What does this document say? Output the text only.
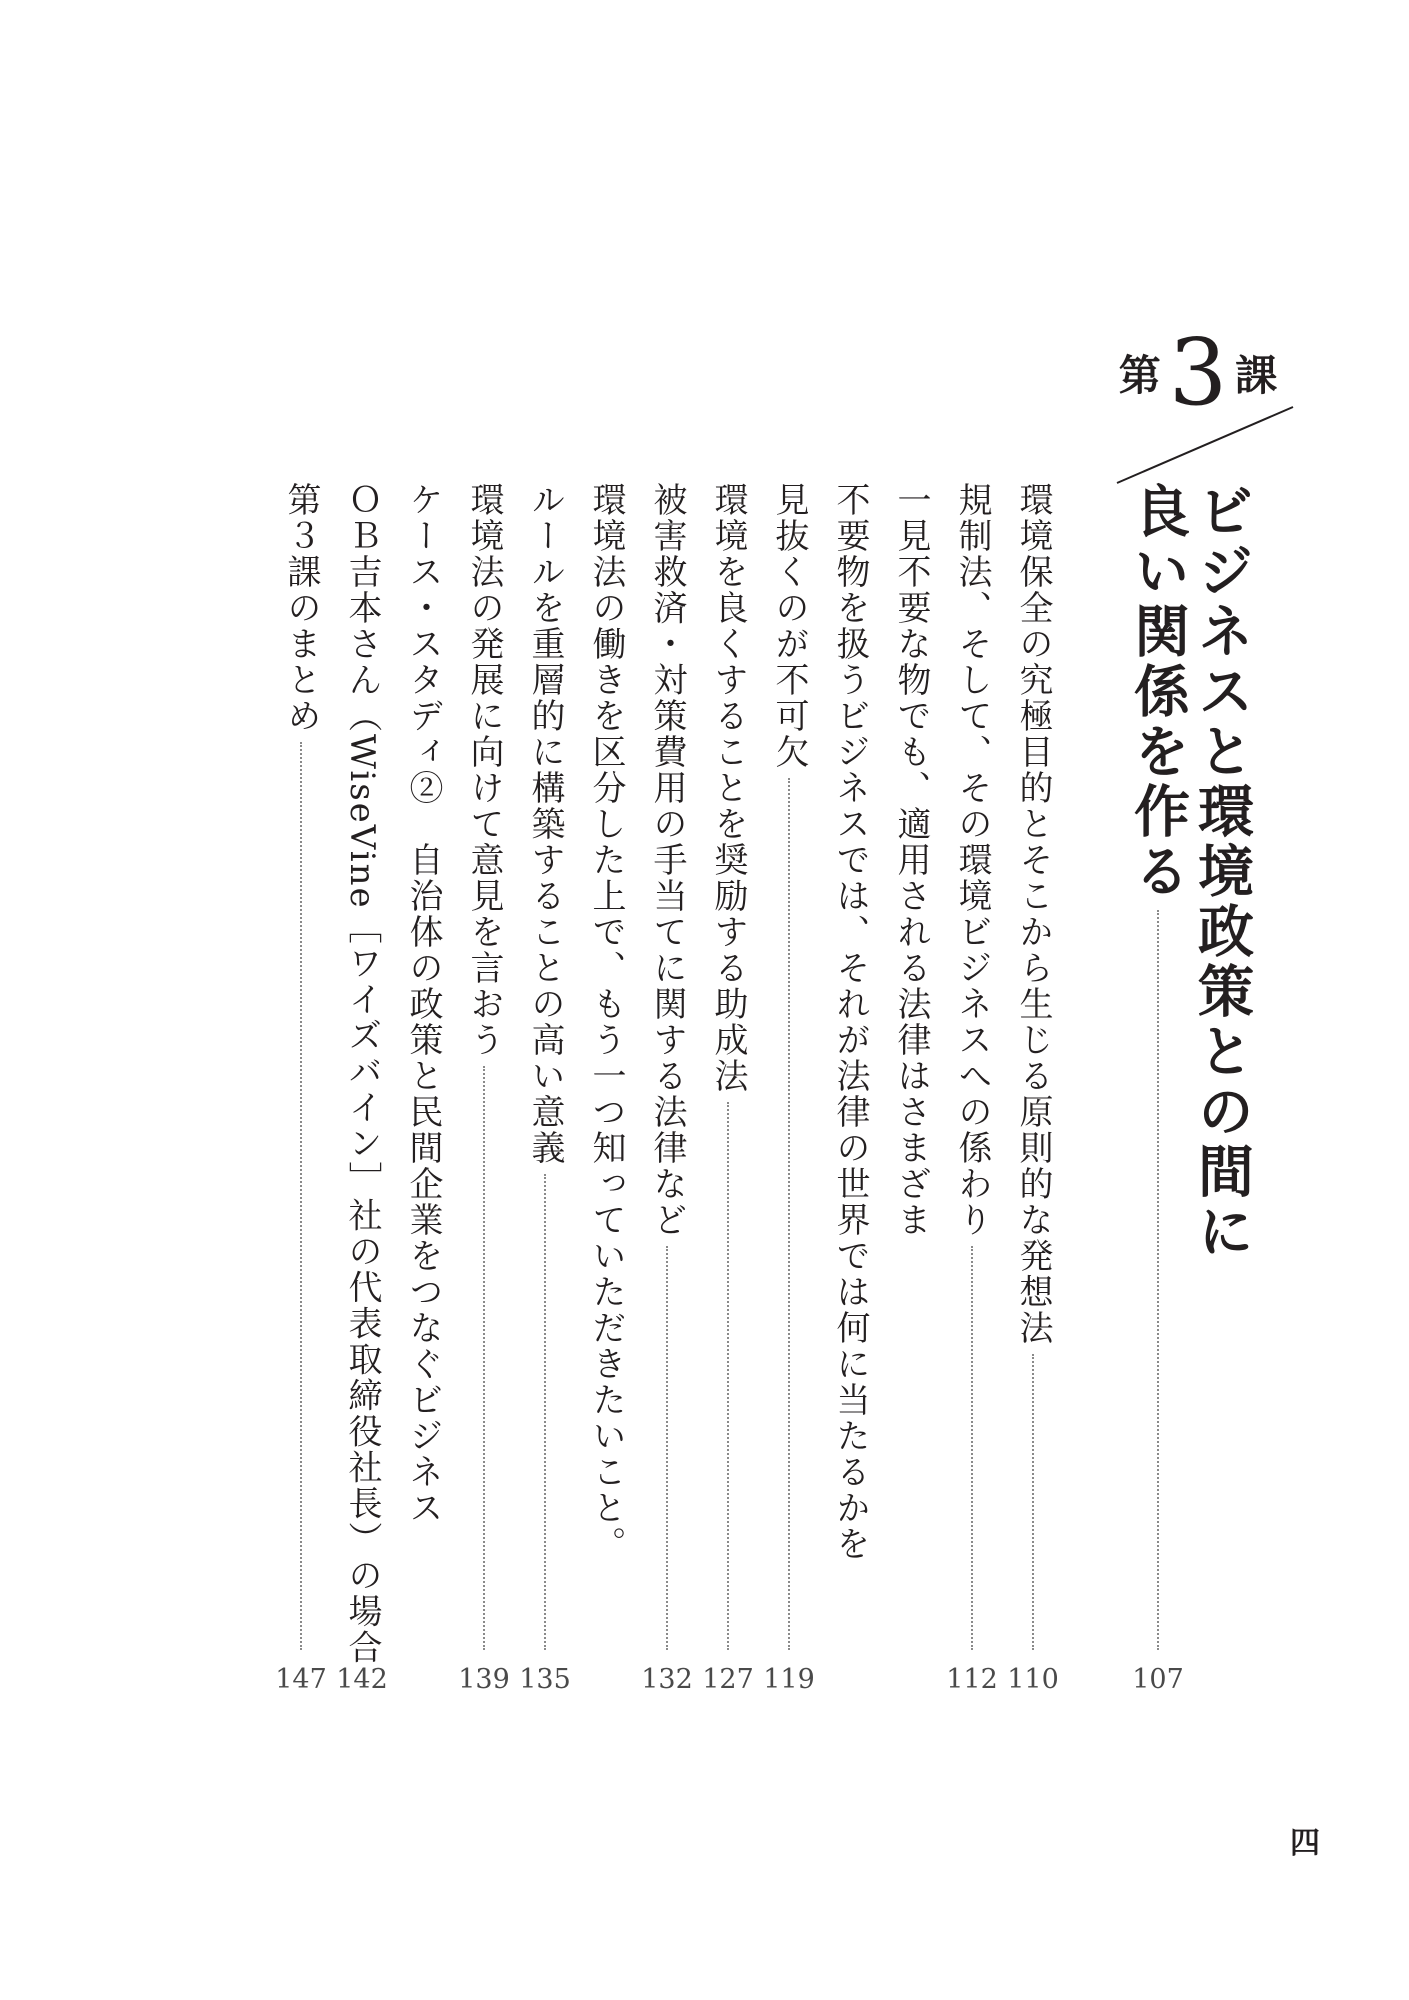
第 3 課
ビジネスと環境政策との間に
良い関係を作る
107
環境保全の究極目的とそこから生じる原則的な発想法
110
規制法、そして、その環境ビジネスへの係わり
112
一見不要な物でも、適用される法律はさまざま
不要物を扱うビジネスでは、それが法律の世界では何に当たるかを
見抜くのが不可欠
119
環境を良くすることを奨励する助成法
127
被害救済・対策費用の手当てに関する法律など
132
環境法の働きを区分した上で、もう一つ知っていただきたいこと。
ルールを重層的に構築することの高い意義
135
環境法の発展に向けて意見を言おう
139
ケース・スタディ②　自治体の政策と民間企業をつなぐビジネス
ＯＢ吉本さん（WiseVine［ワイズバイン］社の代表取締役社長）の場合
142
第３課のまとめ
147
四
